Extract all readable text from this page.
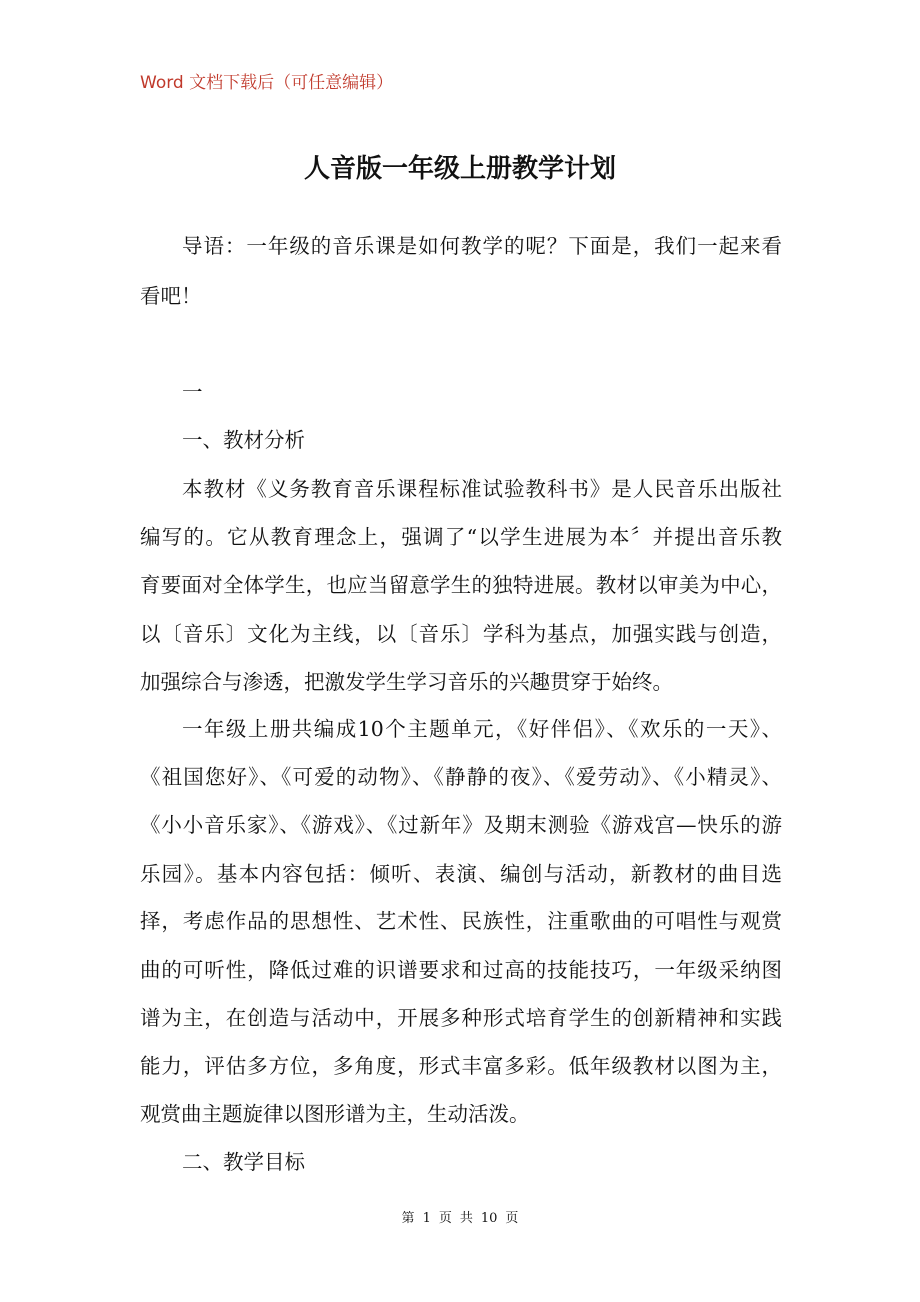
Word 文档下载后（可任意编辑）
人音版一年级上册教学计划
导语：一年级的音乐课是如何教学的呢？下面是，我们一起来看
看吧！
一
一、教材分析
本教材《义务教育音乐课程标准试验教科书》是人民音乐出版社
编写的。它从教育理念上，强调了“以学生进展为本〞并提出音乐教
育要面对全体学生，也应当留意学生的独特进展。教材以审美为中心，
以〔音乐〕文化为主线，以〔音乐〕学科为基点，加强实践与创造，
加强综合与渗透，把激发学生学习音乐的兴趣贯穿于始终。
一年级上册共编成10个主题单元，《好伴侣》、《欢乐的一天》、
《祖国您好》、《可爱的动物》、《静静的夜》、《爱劳动》、《小精灵》、
《小小音乐家》、《游戏》、《过新年》及期末测验《游戏宫—快乐的游
乐园》。基本内容包括：倾听、表演、编创与活动，新教材的曲目选
择，考虑作品的思想性、艺术性、民族性，注重歌曲的可唱性与观赏
曲的可听性，降低过难的识谱要求和过高的技能技巧，一年级采纳图
谱为主，在创造与活动中，开展多种形式培育学生的创新精神和实践
能力，评估多方位，多角度，形式丰富多彩。低年级教材以图为主，
观赏曲主题旋律以图形谱为主，生动活泼。
二、教学目标
第 1 页 共 10 页
